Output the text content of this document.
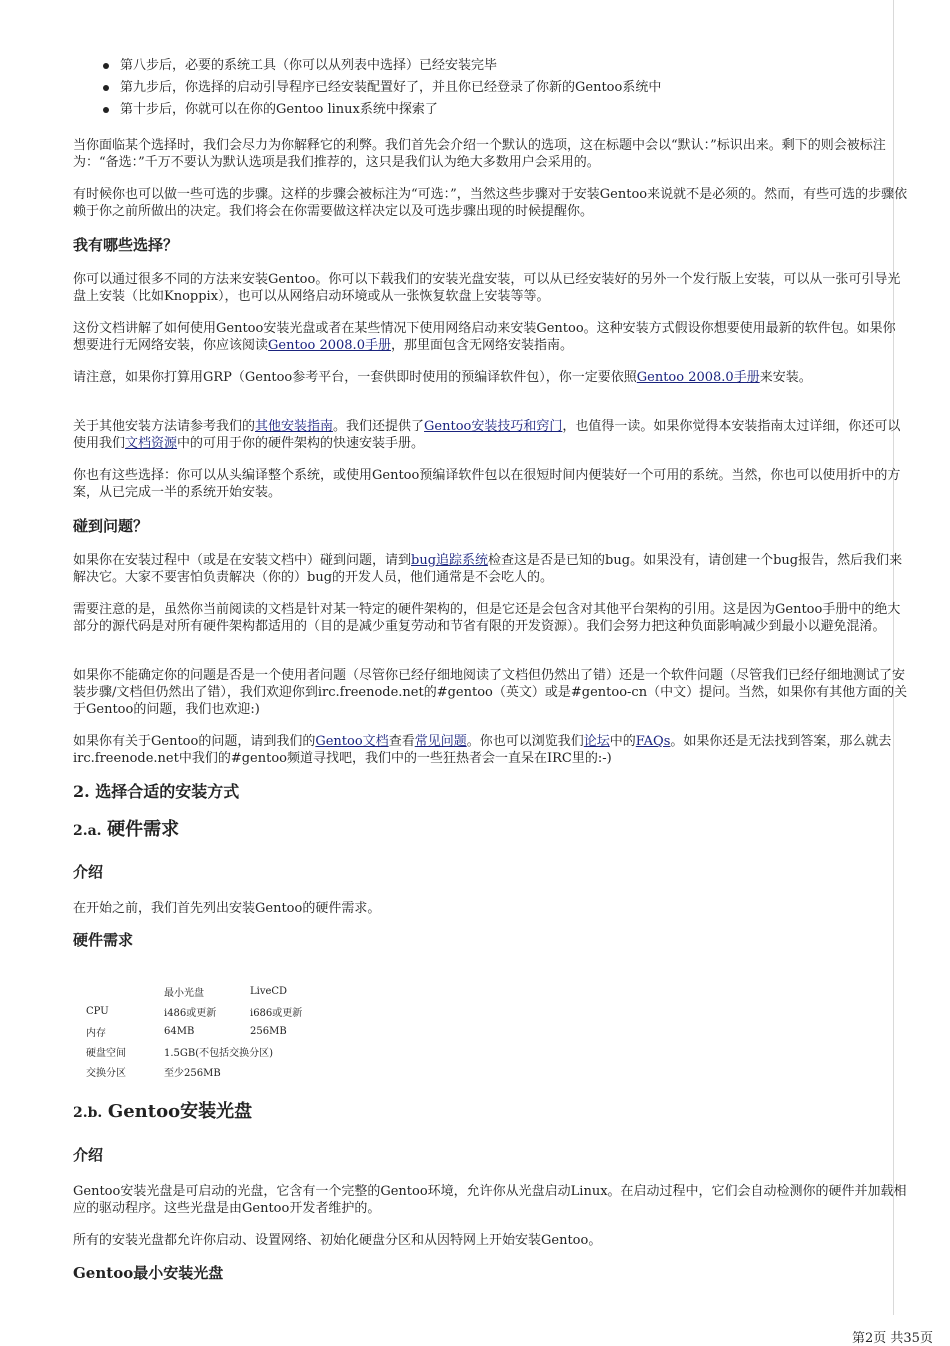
第八步后，必要的系统工具（你可以从列表中选择）已经安装完毕
第九步后，你选择的启动引导程序已经安装配置好了，并且你已经登录了你新的Gentoo系统中
第十步后，你就可以在你的Gentoo linux系统中探索了

当你面临某个选择时，我们会尽力为你解释它的利弊。我们首先会介绍一个默认的选项，这在标题中会以“默认：”标识出来。剩下的则会被标注为：“备选：”千万不要认为默认选项是我们推荐的，这只是我们认为绝大多数用户会采用的。

有时候你也可以做一些可选的步骤。这样的步骤会被标注为“可选：”，当然这些步骤对于安装Gentoo来说就不是必须的。然而，有些可选的步骤依赖于你之前所做出的决定。我们将会在你需要做这样决定以及可选步骤出现的时候提醒你。

我有哪些选择？

你可以通过很多不同的方法来安装Gentoo。你可以下载我们的安装光盘安装，可以从已经安装好的另外一个发行版上安装，可以从一张可引导光盘上安装（比如Knoppix），也可以从网络启动环境或从一张恢复软盘上安装等等。

这份文档讲解了如何使用Gentoo安装光盘或者在某些情况下使用网络启动来安装Gentoo。这种安装方式假设你想要使用最新的软件包。如果你想要进行无网络安装，你应该阅读Gentoo 2008.0手册，那里面包含无网络安装指南。

请注意，如果你打算用GRP（Gentoo参考平台，一套供即时使用的预编译软件包），你一定要依照Gentoo 2008.0手册来安装。

关于其他安装方法请参考我们的其他安装指南。我们还提供了Gentoo安装技巧和窍门，也值得一读。如果你觉得本安装指南太过详细，你还可以使用我们文档资源中的可用于你的硬件架构的快速安装手册。

你也有这些选择：你可以从头编译整个系统，或使用Gentoo预编译软件包以在很短时间内便装好一个可用的系统。当然，你也可以使用折中的方案，从已完成一半的系统开始安装。

碰到问题？

如果你在安装过程中（或是在安装文档中）碰到问题，请到bug追踪系统检查这是否是已知的bug。如果没有，请创建一个bug报告，然后我们来解决它。大家不要害怕负责解决（你的）bug的开发人员，他们通常是不会吃人的。

需要注意的是，虽然你当前阅读的文档是针对某一特定的硬件架构的，但是它还是会包含对其他平台架构的引用。这是因为Gentoo手册中的绝大部分的源代码是对所有硬件架构都适用的（目的是减少重复劳动和节省有限的开发资源）。我们会努力把这种负面影响减少到最小以避免混淆。

如果你不能确定你的问题是否是一个使用者问题（尽管你已经仔细地阅读了文档但仍然出了错）还是一个软件问题（尽管我们已经仔细地测试了安装步骤/文档但仍然出了错），我们欢迎你到irc.freenode.net的#gentoo（英文）或是#gentoo-cn（中文）提问。当然，如果你有其他方面的关于Gentoo的问题，我们也欢迎:)

如果你有关于Gentoo的问题，请到我们的Gentoo文档查看常见问题。你也可以浏览我们论坛中的FAQs。如果你还是无法找到答案，那么就去irc.freenode.net中我们的#gentoo频道寻找吧，我们中的一些狂热者会一直呆在IRC里的:-)

2. 选择合适的安装方式
2.a. 硬件需求
介绍

在开始之前，我们首先列出安装Gentoo的硬件需求。

硬件需求
	最小光盘	LiveCD
CPU	i486或更新	i686或更新
内存	64MB	256MB
硬盘空间	1.5GB(不包括交换分区)	
交换分区	至少256MB	
2.b. Gentoo安装光盘
介绍

Gentoo安装光盘是可启动的光盘，它含有一个完整的Gentoo环境，允许你从光盘启动Linux。在启动过程中，它们会自动检测你的硬件并加载相应的驱动程序。这些光盘是由Gentoo开发者维护的。

所有的安装光盘都允许你启动、设置网络、初始化硬盘分区和从因特网上开始安装Gentoo。

Gentoo最小安装光盘
第2页 共35页
